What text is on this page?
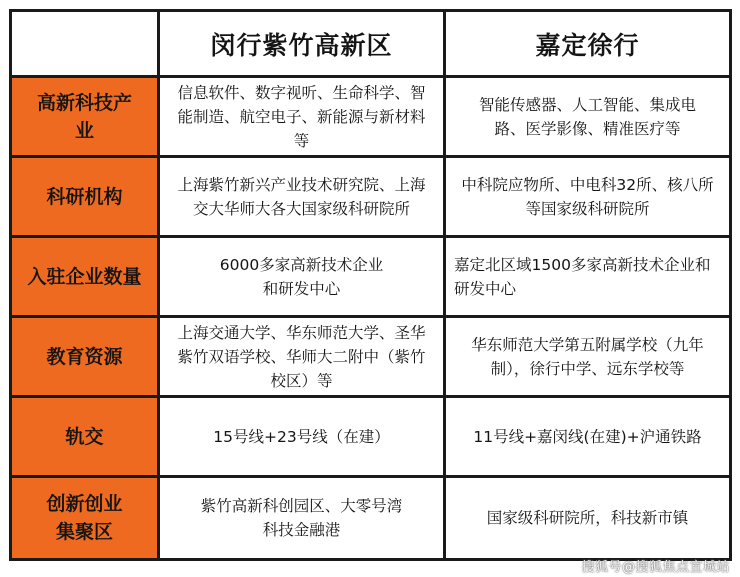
	闵行紫竹高新区	嘉定徐行
高新科技产业	信息软件、数字视听、生命科学、智能制造、航空电子、新能源与新材料等	智能传感器、人工智能、集成电路、医学影像、精准医疗等
科研机构	上海紫竹新兴产业技术研究院、上海交大华师大各大国家级科研院所	中科院应物所、中电科32所、核八所等国家级科研院所
入驻企业数量	6000多家高新技术企业和研发中心	嘉定北区域1500多家高新技术企业和研发中心
教育资源	上海交通大学、华东师范大学、圣华紫竹双语学校、华师大二附中（紫竹校区）等	华东师范大学第五附属学校（九年制），徐行中学、远东学校等
轨交	15号线+23号线（在建）	11号线+嘉闵线(在建)+沪通铁路
创新创业集聚区	紫竹高新科创园区、大零号湾科技金融港	国家级科研院所，科技新市镇
搜狐号@搜狐焦点宣城站
